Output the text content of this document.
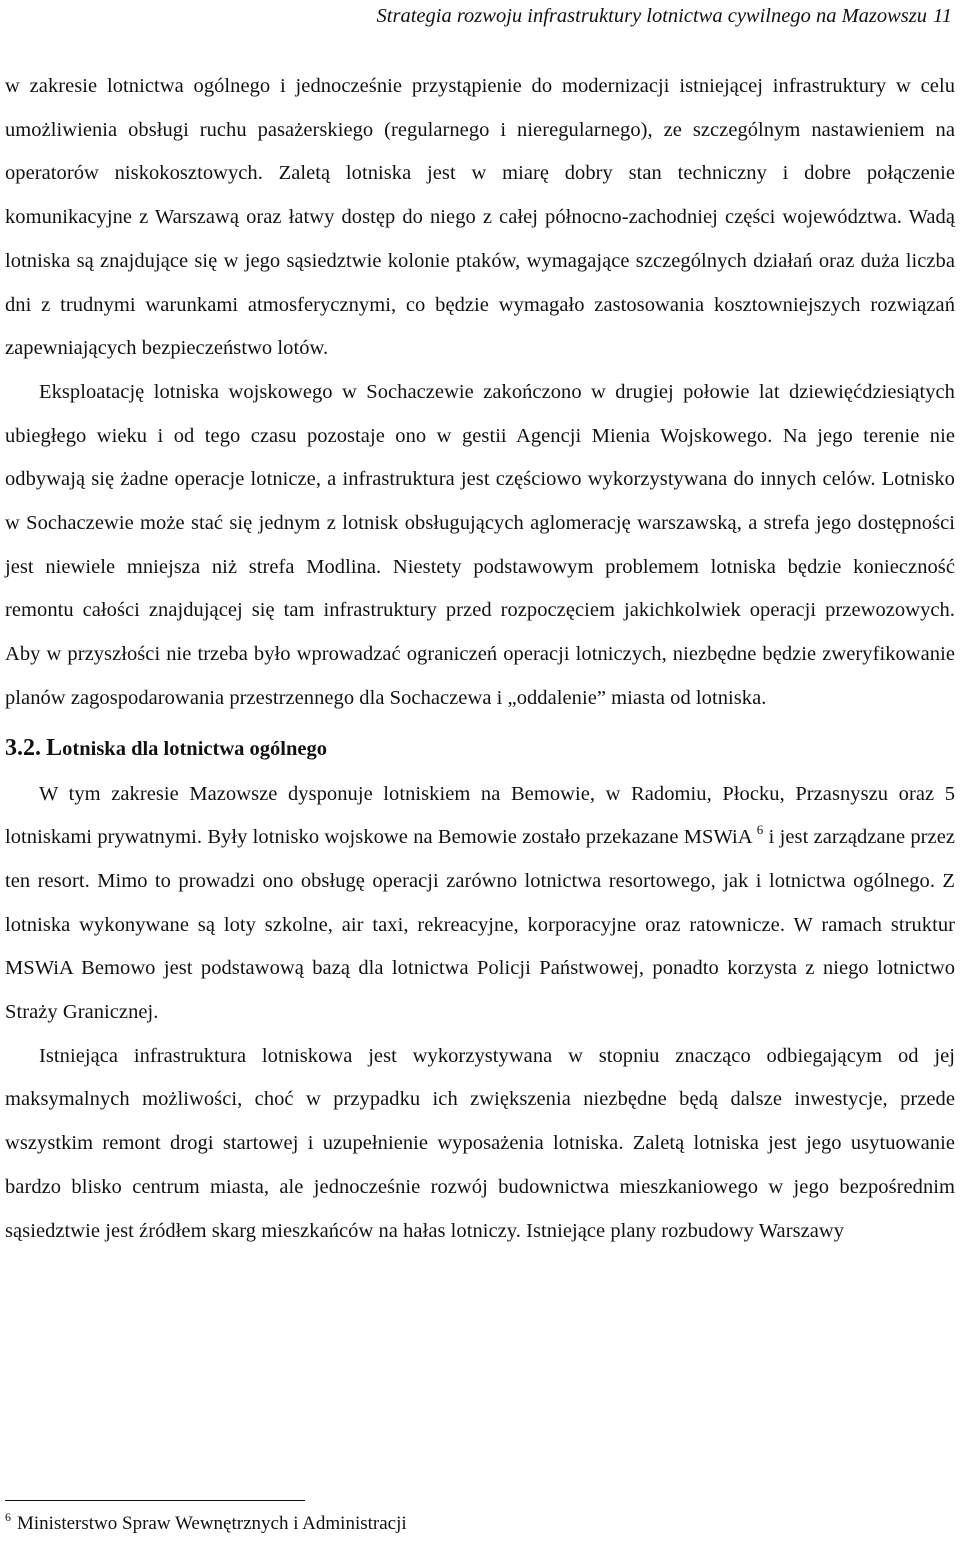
Strategia rozwoju infrastruktury lotnictwa cywilnego na Mazowszu 11

w zakresie lotnictwa ogólnego i jednocześnie przystąpienie do modernizacji istniejącej infrastruktury w celu umożliwienia obsługi ruchu pasażerskiego (regularnego i nieregularnego), ze szczególnym nastawieniem na operatorów niskokosztowych. Zaletą lotniska jest w miarę dobry stan techniczny i dobre połączenie komunikacyjne z Warszawą oraz łatwy dostęp do niego z całej północno-zachodniej części województwa. Wadą lotniska są znajdujące się w jego sąsiedztwie kolonie ptaków, wymagające szczególnych działań oraz duża liczba dni z trudnymi warunkami atmosferycznymi, co będzie wymagało zastosowania kosztowniejszych rozwiązań zapewniających bezpieczeństwo lotów.

Eksploatację lotniska wojskowego w Sochaczewie zakończono w drugiej połowie lat dziewięćdziesiątych ubiegłego wieku i od tego czasu pozostaje ono w gestii Agencji Mienia Wojskowego. Na jego terenie nie odbywają się żadne operacje lotnicze, a infrastruktura jest częściowo wykorzystywana do innych celów. Lotnisko w Sochaczewie może stać się jednym z lotnisk obsługujących aglomerację warszawską, a strefa jego dostępności jest niewiele mniejsza niż strefa Modlina. Niestety podstawowym problemem lotniska będzie konieczność remontu całości znajdującej się tam infrastruktury przed rozpoczęciem jakichkolwiek operacji przewozowych. Aby w przyszłości nie trzeba było wprowadzać ograniczeń operacji lotniczych, niezbędne będzie zweryfikowanie planów zagospodarowania przestrzennego dla Sochaczewa i „oddalenie” miasta od lotniska.

3.2. Lotniska dla lotnictwa ogólnego

W tym zakresie Mazowsze dysponuje lotniskiem na Bemowie, w Radomiu, Płocku, Przasnyszu oraz 5 lotniskami prywatnymi. Były lotnisko wojskowe na Bemowie zostało przekazane MSWiA $^6$ i jest zarządzane przez ten resort. Mimo to prowadzi ono obsługę operacji zarówno lotnictwa resortowego, jak i lotnictwa ogólnego. Z lotniska wykonywane są loty szkolne, air taxi, rekreacyjne, korporacyjne oraz ratownicze. W ramach struktur MSWiA Bemowo jest podstawową bazą dla lotnictwa Policji Państwowej, ponadto korzysta z niego lotnictwo Straży Granicznej.

Istniejąca infrastruktura lotniskowa jest wykorzystywana w stopniu znacząco odbiegającym od jej maksymalnych możliwości, choć w przypadku ich zwiększenia niezbędne będą dalsze inwestycje, przede wszystkim remont drogi startowej i uzupełnienie wyposażenia lotniska. Zaletą lotniska jest jego usytuowanie bardzo blisko centrum miasta, ale jednocześnie rozwój budownictwa mieszkaniowego w jego bezpośrednim sąsiedztwie jest źródłem skarg mieszkańców na hałas lotniczy. Istniejące plany rozbudowy Warszawy

$^6$ Ministerstwo Spraw Wewnętrznych i Administracji
